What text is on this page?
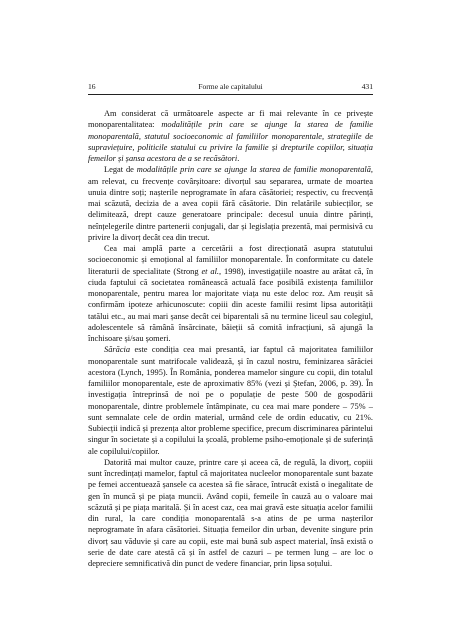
16	Forme ale capitalului	431

Am considerat că următoarele aspecte ar fi mai relevante în ce privește monoparentalitatea: modalitățile prin care se ajunge la starea de familie monoparentală, statutul socioeconomic al familiilor monoparentale, strategiile de supraviețuire, politicile statului cu privire la familie și drepturile copiilor, situația femeilor și șansa acestora de a se recăsători.

Legat de modalitățile prin care se ajunge la starea de familie monoparentală, am relevat, cu frecvențe covârșitoare: divorțul sau separarea, urmate de moartea unuia dintre soți; nașterile neprogramate în afara căsătoriei; respectiv, cu frecvență mai scăzută, decizia de a avea copii fără căsătorie. Din relatările subiecților, se delimitează, drept cauze generatoare principale: decesul unuia dintre părinți, neînțelegerile dintre partenerii conjugali, dar și legislația prezentă, mai permisivă cu privire la divorț decât cea din trecut.

Cea mai amplă parte a cercetării a fost direcționată asupra statutului socioeconomic și emoțional al familiilor monoparentale. În conformitate cu datele literaturii de specialitate (Strong et al., 1998), investigațiile noastre au arătat că, în ciuda faptului că societatea românească actuală face posibilă existența familiilor monoparentale, pentru marea lor majoritate viața nu este deloc roz. Am reușit să confirmăm ipoteze arhicunoscute: copiii din aceste familii resimt lipsa autorității tatălui etc., au mai mari șanse decât cei biparentali să nu termine liceul sau colegiul, adolescentele să rămână însărcinate, băieții să comită infracțiuni, să ajungă la închisoare și/sau șomeri.

Sărăcia este condiția cea mai presantă, iar faptul că majoritatea familiilor monoparentale sunt matrifocale validează, și în cazul nostru, feminizarea sărăciei acestora (Lynch, 1995). În România, ponderea mamelor singure cu copii, din totalul familiilor monoparentale, este de aproximativ 85% (vezi și Ștefan, 2006, p. 39). În investigația întreprinsă de noi pe o populație de peste 500 de gospodării monoparentale, dintre problemele întâmpinate, cu cea mai mare pondere – 75% – sunt semnalate cele de ordin material, urmând cele de ordin educativ, cu 21%. Subiecții indică și prezența altor probleme specifice, precum discriminarea părintelui singur în societate și a copilului la școală, probleme psiho-emoționale și de suferință ale copilului/copiilor.

Datorită mai multor cauze, printre care și aceea că, de regulă, la divorț, copiii sunt încredințați mamelor, faptul că majoritatea nucleelor monoparentale sunt bazate pe femei accentuează șansele ca acestea să fie sărace, întrucât există o inegalitate de gen în muncă și pe piața muncii. Având copii, femeile în cauză au o valoare mai scăzută și pe piața maritală. Și în acest caz, cea mai gravă este situația acelor familii din rural, la care condiția monoparentală s-a atins de pe urma nașterilor neprogramate în afara căsătoriei. Situația femeilor din urban, devenite singure prin divorț sau văduvie și care au copii, este mai bună sub aspect material, însă există o serie de date care atestă că și în astfel de cazuri – pe termen lung – are loc o depreciere semnificativă din punct de vedere financiar, prin lipsa soțului.
